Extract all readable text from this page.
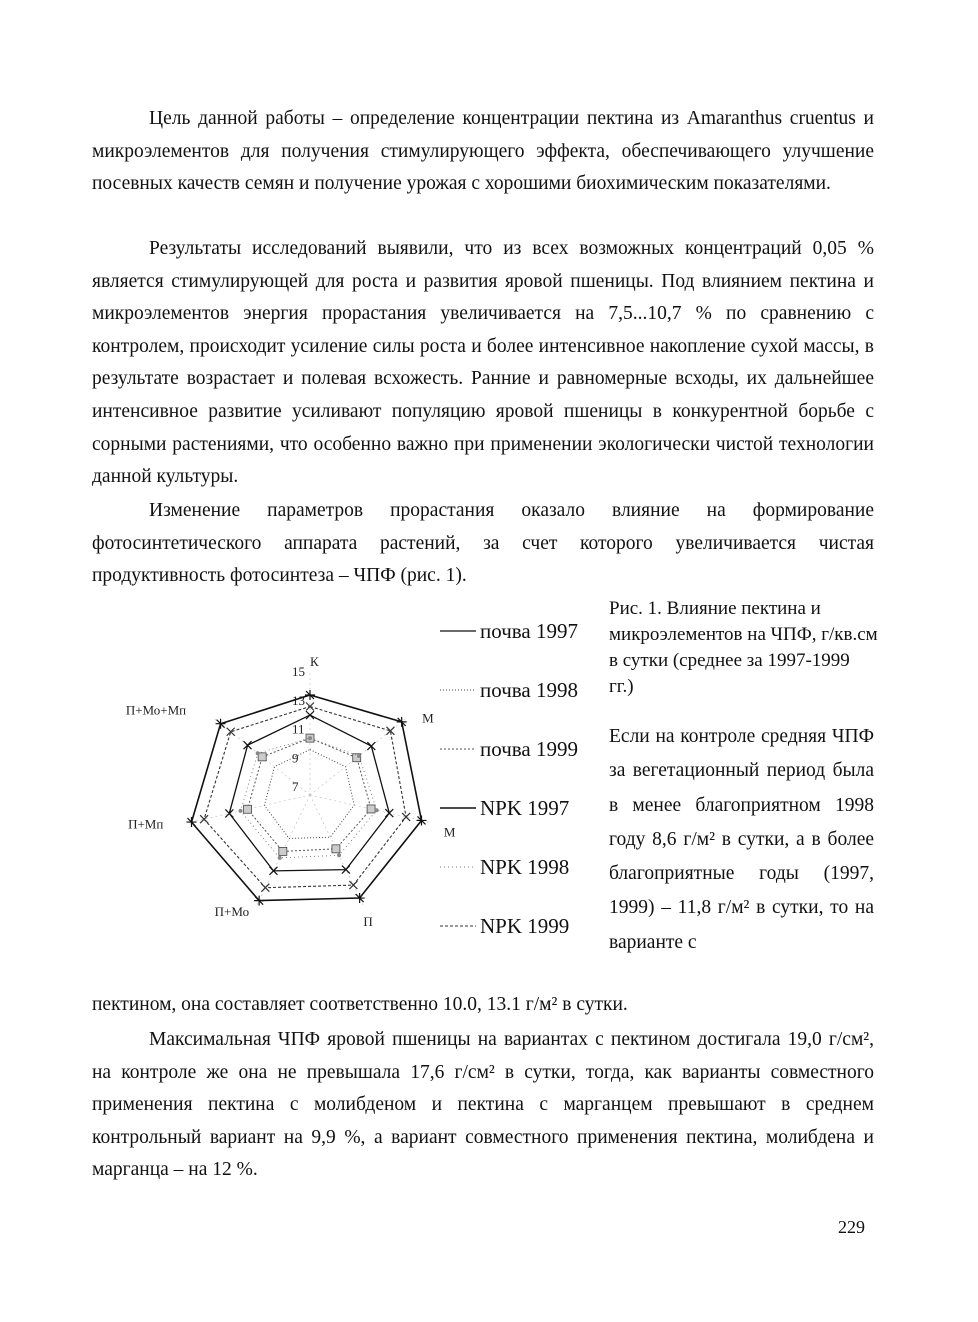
Цель данной работы – определение концентрации пектина из Amaranthus cruentus и микроэлементов для получения стимулирующего эффекта, обеспечивающего улучшение посевных качеств семян и получение урожая с хорошими биохимическим показателями.
Результаты исследований выявили, что из всех возможных концентраций 0,05 % является стимулирующей для роста и развития яровой пшеницы. Под влиянием пектина и микроэлементов энергия прорастания увеличивается на 7,5...10,7 % по сравнению с контролем, происходит усиление силы роста и более интенсивное накопление сухой массы, в результате возрастает и полевая всхожесть. Ранние и равномерные всходы, их дальнейшее интенсивное развитие усиливают популяцию яровой пшеницы в конкурентной борьбе с сорными растениями, что особенно важно при применении экологически чистой технологии данной культуры.
Изменение параметров прорастания оказало влияние на формирование фотосинтетического аппарата растений, за счет которого увеличивается чистая продуктивность фотосинтеза – ЧПФ (рис. 1).
7
9
11
13
15
К
М
М
П
П+Мо
П+Мп
П+Мо+Мп
почва 1997
почва 1998
почва 1999
NPK 1997
NPK 1998
NPK 1999
Рис. 1. Влияние пектина и микроэлементов на ЧПФ, г/кв.см в сутки (среднее за 1997-1999 гг.)
Если на контроле средняя ЧПФ за вегетационный период была в менее благоприятном 1998 году 8,6 г/м² в сутки, а в более благоприятные годы (1997, 1999) – 11,8 г/м² в сутки, то на варианте с
пектином, она составляет соответственно 10.0, 13.1 г/м² в сутки.
Максимальная ЧПФ яровой пшеницы на вариантах с пектином достигала 19,0 г/см², на контроле же она не превышала 17,6 г/см² в сутки, тогда, как варианты совместного применения пектина с молибденом и пектина с марганцем превышают в среднем контрольный вариант на 9,9 %, а вариант совместного применения пектина, молибдена и марганца – на 12 %.
229
